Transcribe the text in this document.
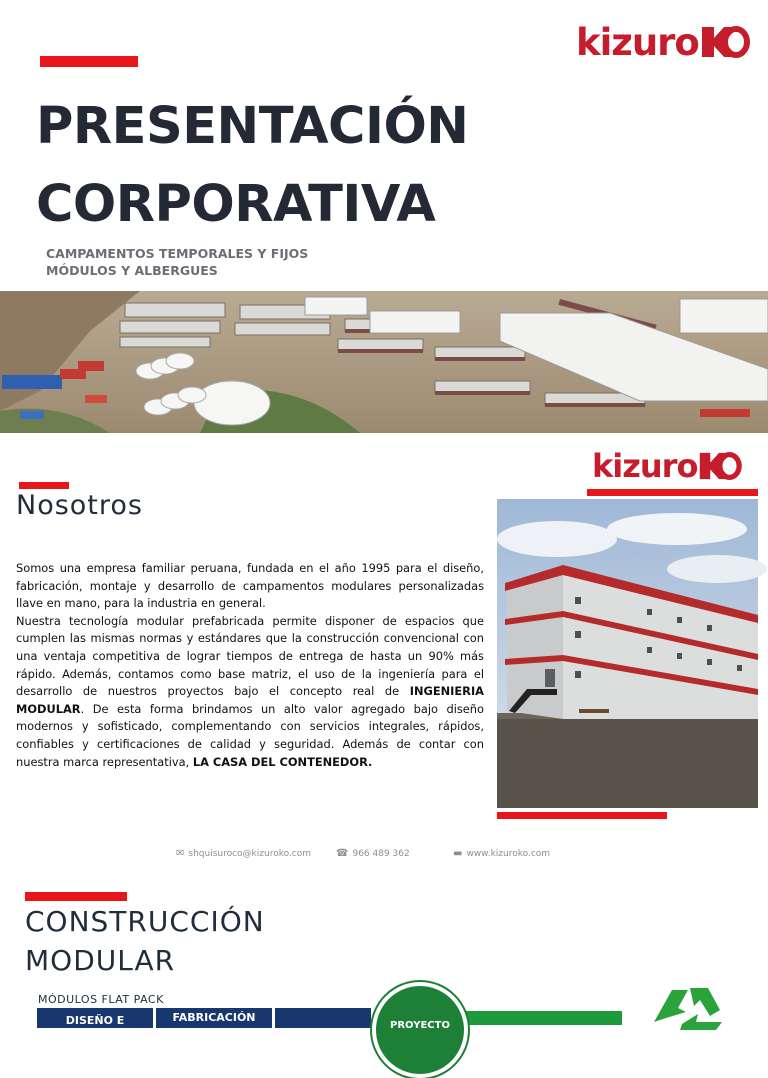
kizuro
PRESENTACIÓN
CORPORATIVA
CAMPAMENTOS TEMPORALES Y FIJOS
MÓDULOS Y ALBERGUES
Nosotros
kizuro

Somos una empresa familiar peruana, fundada en el año 1995 para el diseño, fabricación, montaje y desarrollo de campamentos modulares personalizadas llave en mano, para la industria en general.

Nuestra tecnología modular prefabricada permite disponer de espacios que cumplen las mismas normas y estándares que la construcción convencional con una ventaja competitiva de lograr tiempos de entrega de hasta un 90% más rápido. Además, contamos como base matriz, el uso de la ingeniería para el desarrollo de nuestros proyectos bajo el concepto real de INGENIERIA MODULAR. De esta forma brindamos un alto valor agregado bajo diseño modernos y sofisticado, complementando con servicios integrales, rápidos, confiables y certificaciones de calidad y seguridad. Además de contar con nuestra marca representativa, LA CASA DEL CONTENEDOR.

✉ shquisuroco@kizuroko.com ☎ 966 489 362	▬ www.kizuroko.com
CONSTRUCCIÓN
MODULAR
MÓDULOS FLAT PACK
DISEÑO E	FABRICACIÓN
PROYECTO
